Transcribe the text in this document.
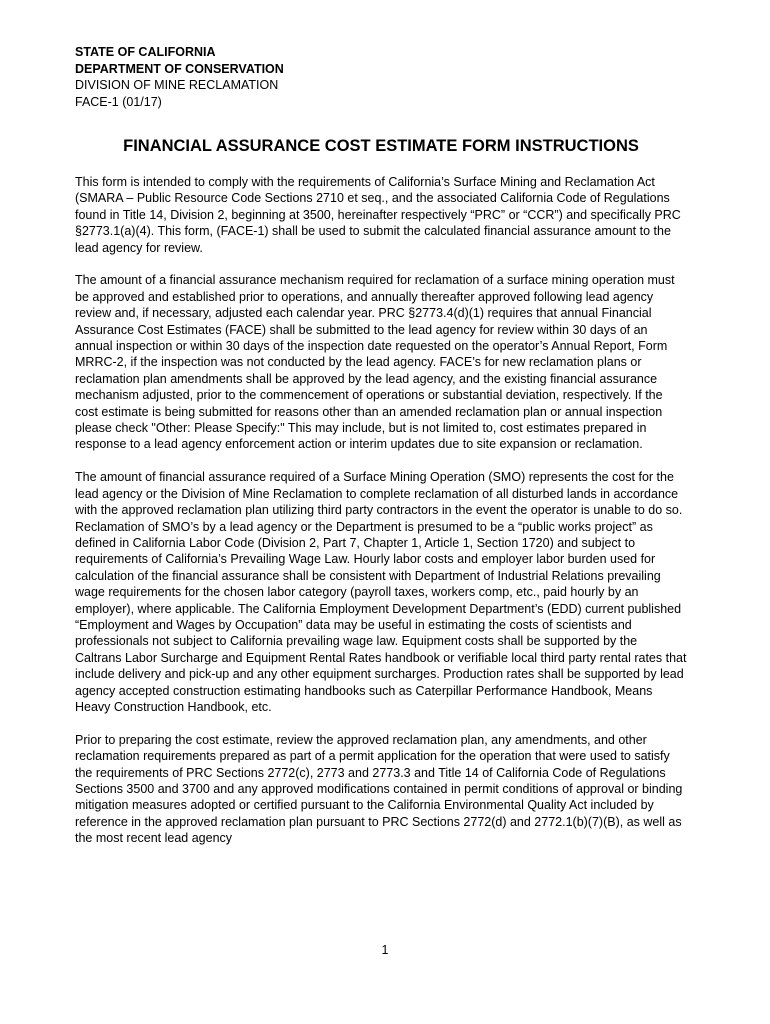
STATE OF CALIFORNIA
DEPARTMENT OF CONSERVATION
DIVISION OF MINE RECLAMATION
FACE-1 (01/17)
FINANCIAL ASSURANCE COST ESTIMATE FORM INSTRUCTIONS

This form is intended to comply with the requirements of California’s Surface Mining and Reclamation Act (SMARA – Public Resource Code Sections 2710 et seq., and the associated California Code of Regulations found in Title 14, Division 2, beginning at 3500, hereinafter respectively “PRC” or “CCR”) and specifically PRC §2773.1(a)(4). This form, (FACE-1) shall be used to submit the calculated financial assurance amount to the lead agency for review.

The amount of a financial assurance mechanism required for reclamation of a surface mining operation must be approved and established prior to operations, and annually thereafter approved following lead agency review and, if necessary, adjusted each calendar year. PRC §2773.4(d)(1) requires that annual Financial Assurance Cost Estimates (FACE) shall be submitted to the lead agency for review within 30 days of an annual inspection or within 30 days of the inspection date requested on the operator’s Annual Report, Form MRRC-2, if the inspection was not conducted by the lead agency. FACE’s for new reclamation plans or reclamation plan amendments shall be approved by the lead agency, and the existing financial assurance mechanism adjusted, prior to the commencement of operations or substantial deviation, respectively. If the cost estimate is being submitted for reasons other than an amended reclamation plan or annual inspection please check "Other: Please Specify:" This may include, but is not limited to, cost estimates prepared in response to a lead agency enforcement action or interim updates due to site expansion or reclamation.

The amount of financial assurance required of a Surface Mining Operation (SMO) represents the cost for the lead agency or the Division of Mine Reclamation to complete reclamation of all disturbed lands in accordance with the approved reclamation plan utilizing third party contractors in the event the operator is unable to do so. Reclamation of SMO’s by a lead agency or the Department is presumed to be a “public works project” as defined in California Labor Code (Division 2, Part 7, Chapter 1, Article 1, Section 1720) and subject to requirements of California’s Prevailing Wage Law. Hourly labor costs and employer labor burden used for calculation of the financial assurance shall be consistent with Department of Industrial Relations prevailing wage requirements for the chosen labor category (payroll taxes, workers comp, etc., paid hourly by an employer), where applicable. The California Employment Development Department’s (EDD) current published “Employment and Wages by Occupation” data may be useful in estimating the costs of scientists and professionals not subject to California prevailing wage law. Equipment costs shall be supported by the Caltrans Labor Surcharge and Equipment Rental Rates handbook or verifiable local third party rental rates that include delivery and pick-up and any other equipment surcharges. Production rates shall be supported by lead agency accepted construction estimating handbooks such as Caterpillar Performance Handbook, Means Heavy Construction Handbook, etc.

Prior to preparing the cost estimate, review the approved reclamation plan, any amendments, and other reclamation requirements prepared as part of a permit application for the operation that were used to satisfy the requirements of PRC Sections 2772(c), 2773 and 2773.3 and Title 14 of California Code of Regulations Sections 3500 and 3700 and any approved modifications contained in permit conditions of approval or binding mitigation measures adopted or certified pursuant to the California Environmental Quality Act included by reference in the approved reclamation plan pursuant to PRC Sections 2772(d) and 2772.1(b)(7)(B), as well as the most recent lead agency

1
